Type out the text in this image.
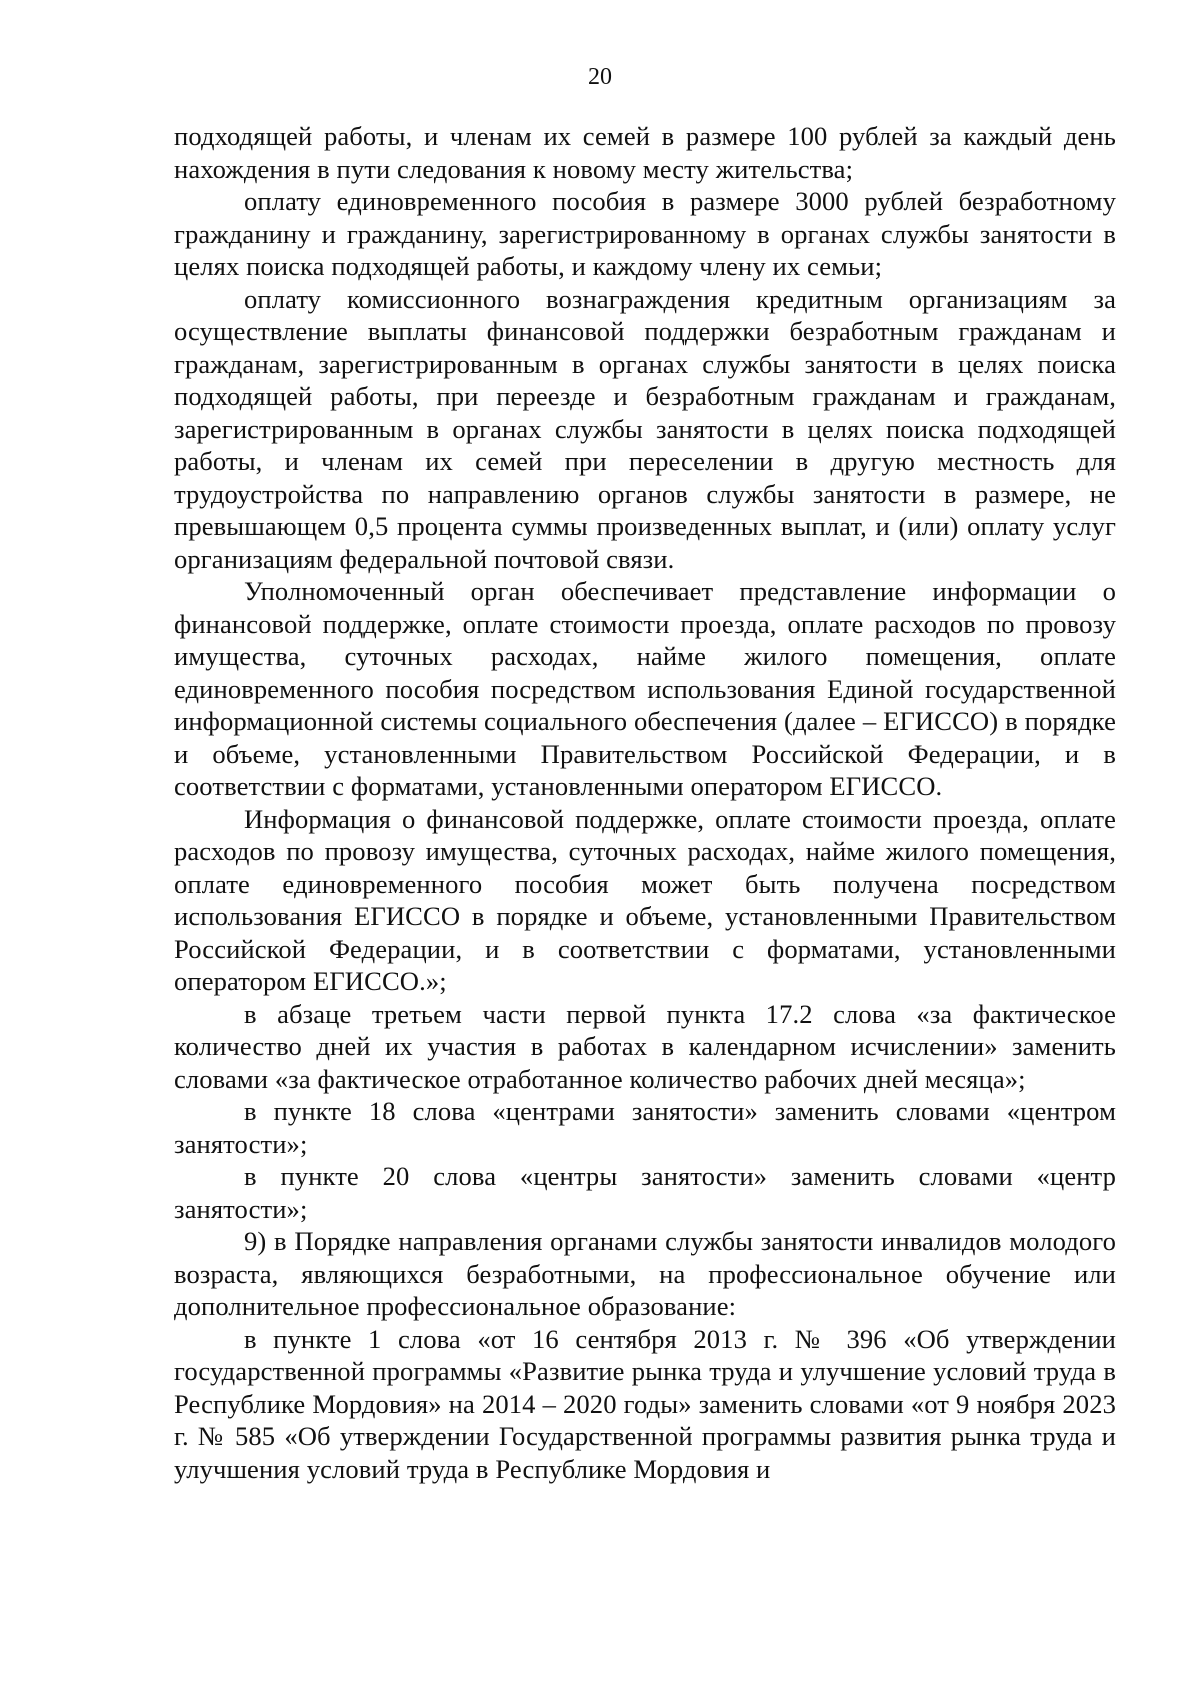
20

подходящей работы, и членам их семей в размере 100 рублей за каждый день нахождения в пути следования к новому месту жительства;

оплату единовременного пособия в размере 3000 рублей безработному гражданину и гражданину, зарегистрированному в органах службы занятости в целях поиска подходящей работы, и каждому члену их семьи;

оплату комиссионного вознаграждения кредитным организациям за осуществление выплаты финансовой поддержки безработным гражданам и гражданам, зарегистрированным в органах службы занятости в целях поиска подходящей работы, при переезде и безработным гражданам и гражданам, зарегистрированным в органах службы занятости в целях поиска подходящей работы, и членам их семей при переселении в другую местность для трудоустройства по направлению органов службы занятости в размере, не превышающем 0,5 процента суммы произведенных выплат, и (или) оплату услуг организациям федеральной почтовой связи.

Уполномоченный орган обеспечивает представление информации о финансовой поддержке, оплате стоимости проезда, оплате расходов по провозу имущества, суточных расходах, найме жилого помещения, оплате единовременного пособия посредством использования Единой государственной информационной системы социального обеспечения (далее – ЕГИССО) в порядке и объеме, установленными Правительством Российской Федерации, и в соответствии с форматами, установленными оператором ЕГИССО.

Информация о финансовой поддержке, оплате стоимости проезда, оплате расходов по провозу имущества, суточных расходах, найме жилого помещения, оплате единовременного пособия может быть получена посредством использования ЕГИССО в порядке и объеме, установленными Правительством Российской Федерации, и в соответствии с форматами, установленными оператором ЕГИССО.»;

в абзаце третьем части первой пункта 17.2 слова «за фактическое количество дней их участия в работах в календарном исчислении» заменить словами «за фактическое отработанное количество рабочих дней месяца»;

в пункте 18 слова «центрами занятости» заменить словами «центром занятости»;

в пункте 20 слова «центры занятости» заменить словами «центр занятости»;

9) в Порядке направления органами службы занятости инвалидов молодого возраста, являющихся безработными, на профессиональное обучение или дополнительное профессиональное образование:

в пункте 1 слова «от 16 сентября 2013 г. № 396 «Об утверждении государственной программы «Развитие рынка труда и улучшение условий труда в Республике Мордовия» на 2014 – 2020 годы» заменить словами «от 9 ноября 2023 г. № 585 «Об утверждении Государственной программы развития рынка труда и улучшения условий труда в Республике Мордовия и
